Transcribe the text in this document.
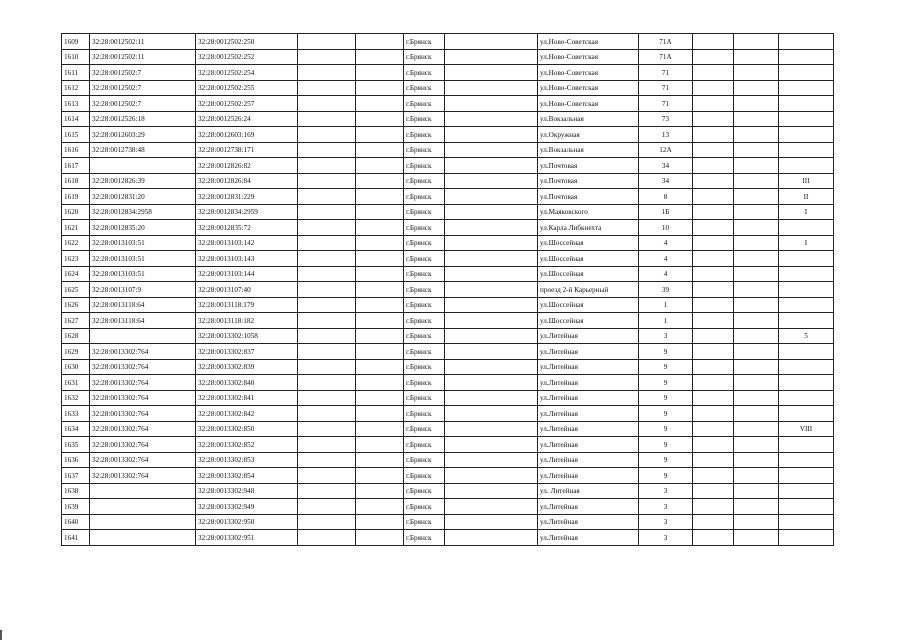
1609	32:28:0012502:11	32:28:0012502:250			г.Брянск		ул.Ново-Советская	71А			
1610	32:28:0012502:11	32:28:0012502:252			г.Брянск		ул.Ново-Советская	71А			
1611	32:28:0012502:7	32:28:0012502:254			г.Брянск		ул.Ново-Советская	71			
1612	32:28:0012502:7	32:28:0012502:255			г.Брянск		ул.Ново-Советская	71			
1613	32:28:0012502:7	32:28:0012502:257			г.Брянск		ул.Ново-Советская	71			
1614	32:28:0012526:18	32:28:0012526:24			г.Брянск		ул.Вокзальная	73			
1615	32:28:0012603:29	32:28:0012603:169			г.Брянск		ул.Окружная	13			
1616	32:28:0012738:48	32:28:0012738:171			г.Брянск		ул.Вокзальная	12А			
1617		32:28:0012826:82			г.Брянск		ул.Почтовая	34			
1618	32:28:0012826:39	32:28:0012826:84			г.Брянск		ул.Почтовая	34			III
1619	32:28:0012831:20	32:28:0012831:229			г.Брянск		ул.Почтовая	8			II
1620	32:28:0012834:2958	32:28:0012834:2959			г.Брянск		ул.Маяковского	1Б			I
1621	32:28:0012835:20	32:28:0012835:72			г.Брянск		ул.Карла Либкнехта	10			
1622	32:28:0013103:51	32:28:0013103:142			г.Брянск		ул.Шоссейная	4			I
1623	32:28:0013103:51	32:28:0013103:143			г.Брянск		ул.Шоссейная	4			
1624	32:28:0013103:51	32:28:0013103:144			г.Брянск		ул.Шоссейная	4			
1625	32:28:0013107:9	32:28:0013107:40			г.Брянск		проезд 2-й Карьерный	39			
1626	32:28:0013118:64	32:28:0013118:179			г.Брянск		ул.Шоссейная	1			
1627	32:28:0013118:64	32:28:0013118:182			г.Брянск		ул.Шоссейная	1			
1628		32:28:0013302:1058			г.Брянск		ул.Литейная	3			5
1629	32:28:0013302:764	32:28:0013302:837			г.Брянск		ул.Литейная	9			
1630	32:28:0013302:764	32:28:0013302:839			г.Брянск		ул.Литейная	9			
1631	32:28:0013302:764	32:28:0013302:840			г.Брянск		ул.Литейная	9			
1632	32:28:0013302:764	32:28:0013302:841			г.Брянск		ул.Литейная	9			
1633	32:28:0013302:764	32:28:0013302:842			г.Брянск		ул.Литейная	9			
1634	32:28:0013302:764	32:28:0013302:850			г.Брянск		ул.Литейная	9			VIII
1635	32:28:0013302:764	32:28:0013302:852			г.Брянск		ул.Литейная	9			
1636	32:28:0013302:764	32:28:0013302:853			г.Брянск		ул.Литейная	9			
1637	32:28:0013302:764	32:28:0013302:854			г.Брянск		ул.Литейная	9			
1638		32:28:0013302:948			г.Брянск		ул. Литейная	3			
1639		32:28:0013302:949			г.Брянск		ул.Литейная	3			
1640		32:28:0013302:950			г.Брянск		ул.Литейная	3			
1641		32:28:0013302:951			г.Брянск		ул.Литейная	3			
